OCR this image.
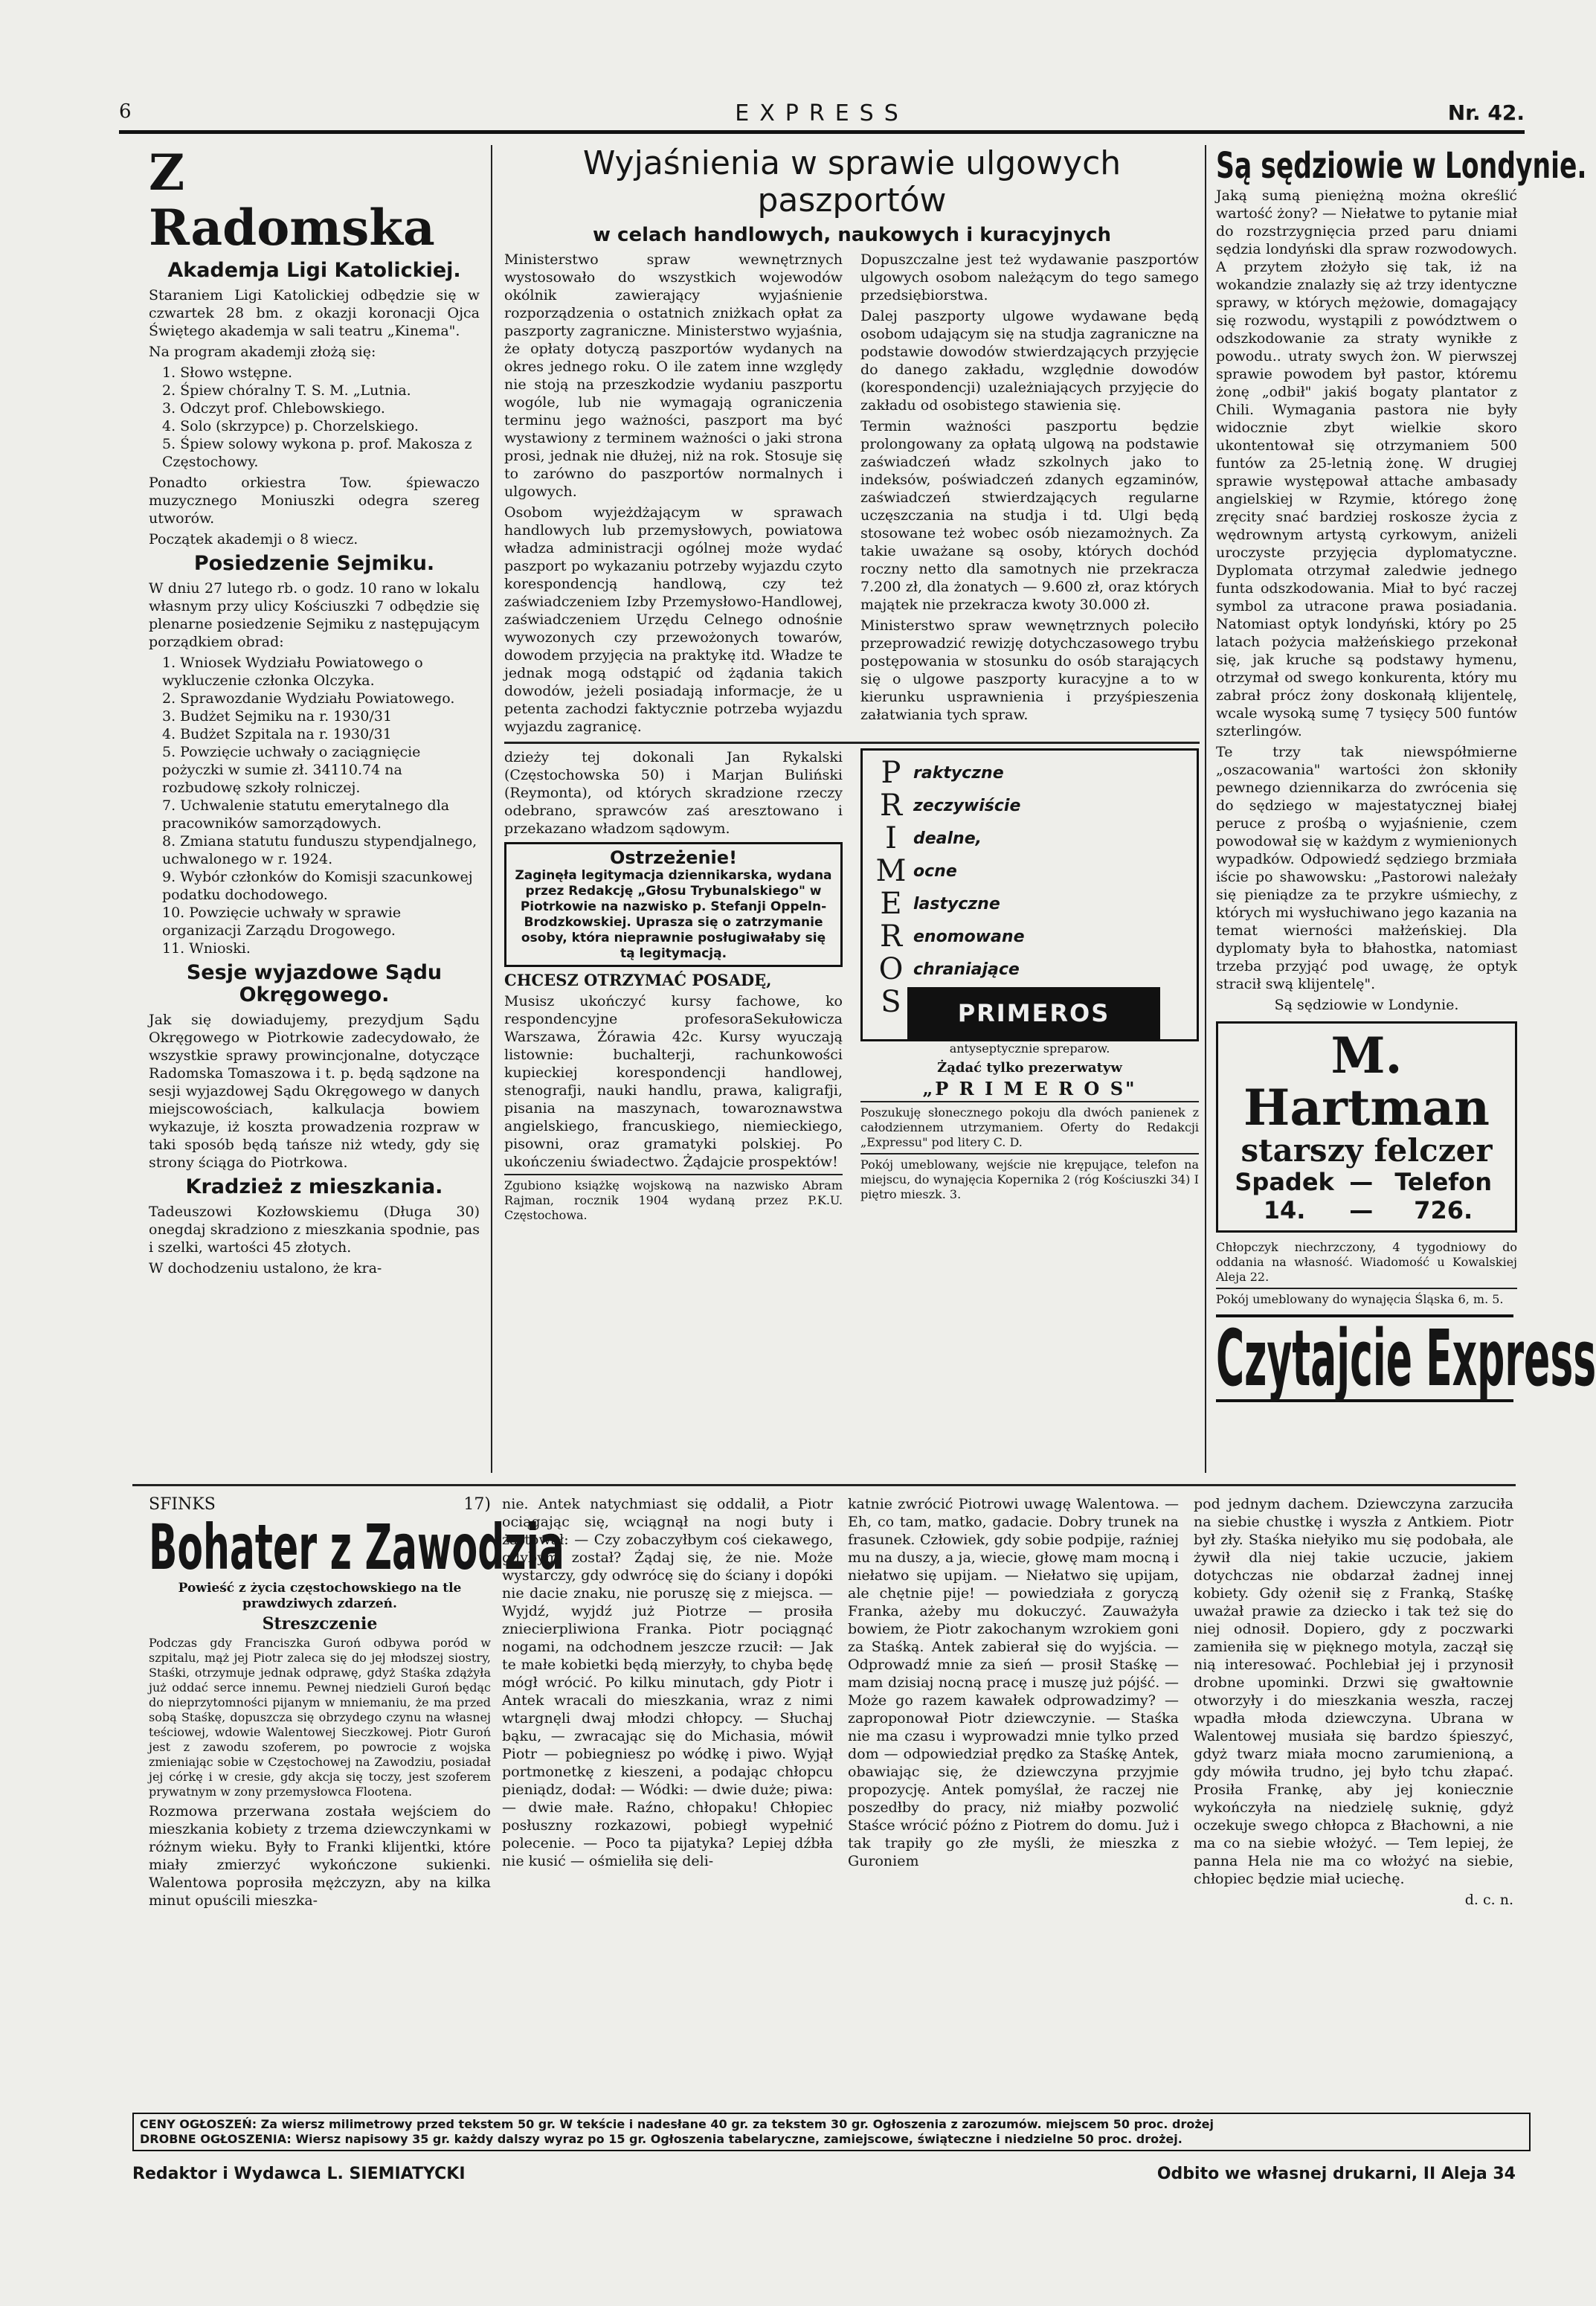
6	EXPRESS	Nr. 42.
Z Radomska
Akademja Ligi Katolickiej.

Staraniem Ligi Katolickiej odbędzie się w czwartek 28 bm. z okazji koronacji Ojca Świętego akademja w sali teatru „Kinema".

Na program akademji złożą się:

1. Słowo wstępne.
2. Śpiew chóralny T. S. M. „Lutnia.
3. Odczyt prof. Chlebowskiego.
4. Solo (skrzypce) p. Chorzelskiego.
5. Śpiew solowy wykona p. prof. Makosza z Częstochowy.

Ponadto orkiestra Tow. śpiewaczo muzycznego Moniuszki odegra szereg utworów.

Początek akademji o 8 wiecz.

Posiedzenie Sejmiku.

W dniu 27 lutego rb. o godz. 10 rano w lokalu własnym przy ulicy Kościuszki 7 odbędzie się plenarne posiedzenie Sejmiku z następującym porządkiem obrad:

1. Wniosek Wydziału Powiatowego o wykluczenie członka Olczyka.
2. Sprawozdanie Wydziału Powiatowego.
3. Budżet Sejmiku na r. 1930/31
4. Budżet Szpitala na r. 1930/31
5. Powzięcie uchwały o zaciągnięcie pożyczki w sumie zł. 34110.74 na rozbudowę szkoły rolniczej.
7. Uchwalenie statutu emerytalnego dla pracowników samorządowych.
8. Zmiana statutu funduszu stypendjalnego, uchwalonego w r. 1924.
9. Wybór członków do Komisji szacunkowej podatku dochodowego.
10. Powzięcie uchwały w sprawie organizacji Zarządu Drogowego.
11. Wnioski.
Sesje wyjazdowe Sądu Okręgowego.

Jak się dowiadujemy, prezydjum Sądu Okręgowego w Piotrkowie zadecydowało, że wszystkie sprawy prowincjonalne, dotyczące Radomska Tomaszowa i t. p. będą sądzone na sesji wyjazdowej Sądu Okręgowego w danych miejscowościach, kalkulacja bowiem wykazuje, iż koszta prowadzenia rozpraw w taki sposób będą tańsze niż wtedy, gdy się strony ściąga do Piotrkowa.

Kradzież z mieszkania.

Tadeuszowi Kozłowskiemu (Długa 30) onegdaj skradziono z mieszkania spodnie, pas i szelki, wartości 45 złotych.

W dochodzeniu ustalono, że kra-

Wyjaśnienia w sprawie ulgowych paszportów
w celach handlowych, naukowych i kuracyjnych

Ministerstwo spraw wewnętrznych wystosowało do wszystkich wojewodów okólnik zawierający wyjaśnienie rozporządzenia o ostatnich zniżkach opłat za paszporty zagraniczne. Ministerstwo wyjaśnia, że opłaty dotyczą paszportów wydanych na okres jednego roku. O ile zatem inne względy nie stoją na przeszkodzie wydaniu paszportu wogóle, lub nie wymagają ograniczenia terminu jego ważności, paszport ma być wystawiony z terminem ważności o jaki strona prosi, jednak nie dłużej, niż na rok. Stosuje się to zarówno do paszportów normalnych i ulgowych.

Osobom wyjeżdżającym w sprawach handlowych lub przemysłowych, powiatowa władza administracji ogólnej może wydać paszport po wykazaniu potrzeby wyjazdu czyto korespondencją handlową, czy też zaświadczeniem Izby Przemysłowo-Handlowej, zaświadczeniem Urzędu Celnego odnośnie wywozonych czy przewożonych towarów, dowodem przyjęcia na praktykę itd. Władze te jednak mogą odstąpić od żądania takich dowodów, jeżeli posiadają informacje, że u petenta zachodzi faktycznie potrzeba wyjazdu wyjazdu zagranicę.

Dopuszczalne jest też wydawanie paszportów ulgowych osobom należącym do tego samego przedsiębiorstwa.

Dalej paszporty ulgowe wydawane będą osobom udającym się na studja zagraniczne na podstawie dowodów stwierdzających przyjęcie do danego zakładu, względnie dowodów (korespondencji) uzależniających przyjęcie do zakładu od osobistego stawienia się.

Termin ważności paszportu będzie prolongowany za opłatą ulgową na podstawie zaświadczeń władz szkolnych jako to indeksów, poświadczeń zdanych egzaminów, zaświadczeń stwierdzających regularne uczęszczania na studja i td. Ulgi będą stosowane też wobec osób niezamożnych. Za takie uważane są osoby, których dochód roczny netto dla samotnych nie przekracza 7.200 zł, dla żonatych — 9.600 zł, oraz których majątek nie przekracza kwoty 30.000 zł.

Ministerstwo spraw wewnętrznych poleciło przeprowadzić rewizję dotychczasowego trybu postępowania w stosunku do osób starających się o ulgowe paszporty kuracyjne a to w kierunku usprawnienia i przyśpieszenia załatwiania tych spraw.

dzieży tej dokonali Jan Rykalski (Częstochowska 50) i Marjan Buliński (Reymonta), od których skradzione rzeczy odebrano, sprawców zaś aresztowano i przekazano władzom sądowym.

Ostrzeżenie!
Zaginęła legitymacja dziennikarska, wydana przez Redakcję „Głosu Trybunalskiego" w Piotrkowie na nazwisko p. Stefanji Oppeln-Brodzkowskiej. Uprasza się o zatrzymanie osoby, która nieprawnie posługiwałaby się tą legitymacją.

CHCESZ OTRZYMAĆ POSADĘ,

Musisz ukończyć kursy fachowe, ko respondencyjne profesoraSekułowicza Warszawa, Żórawia 42c. Kursy wyuczają listownie: buchalterji, rachunkowości kupieckiej korespondencji handlowej, stenografji, nauki handlu, prawa, kaligrafji, pisania na maszynach, towaroznawstwa angielskiego, francuskiego, niemieckiego, pisowni, oraz gramatyki polskiej. Po ukończeniu świadectwo. Żądajcie prospektów!

Zgubiono książkę wojskową na nazwisko Abram Rajman, rocznik 1904 wydaną przez P.K.U. Częstochowa.

P raktyczne
R zeczywiście
I	dealne,
M ocne
E lastyczne
R enomowane
O chraniające
S	PRIMEROS

antyseptycznie spreparow.

Żądać tylko prezerwatyw

„P R I M E R O S"

Poszukuję słonecznego pokoju dla dwóch panienek z całodziennem utrzymaniem. Oferty do Redakcji „Expressu" pod litery C. D.

Pokój umeblowany, wejście nie krępujące, telefon na miejscu, do wynajęcia Kopernika 2 (róg Kościuszki 34) I piętro mieszk. 3.

Są sędziowie w Londynie.

Jaką sumą pieniężną można określić wartość żony? — Niełatwe to pytanie miał do rozstrzygnięcia przed paru dniami sędzia londyński dla spraw rozwodowych. A przytem złożyło się tak, iż na wokandzie znalazły się aż trzy identyczne sprawy, w których mężowie, domagający się rozwodu, wystąpili z powództwem o odszkodowanie za straty wynikłe z powodu.. utraty swych żon. W pierwszej sprawie powodem był pastor, któremu żonę „odbił" jakiś bogaty plantator z Chili. Wymagania pastora nie były widocznie zbyt wielkie skoro ukontentował się otrzymaniem 500 funtów za 25-letnią żonę. W drugiej sprawie występował attache ambasady angielskiej w Rzymie, którego żonę zręcity snać bardziej roskosze życia z wędrownym artystą cyrkowym, aniżeli uroczyste przyjęcia dyplomatyczne. Dyplomata otrzymał zaledwie jednego funta odszkodowania. Miał to być raczej symbol za utracone prawa posiadania. Natomiast optyk londyński, który po 25 latach pożycia małżeńskiego przekonał się, jak kruche są podstawy hymenu, otrzymał od swego konkurenta, który mu zabrał prócz żony doskonałą klijentelę, wcale wysoką sumę 7 tysięcy 500 funtów szterlingów.

Te trzy tak niewspółmierne „oszacowania" wartości żon skłoniły pewnego dziennikarza do zwrócenia się do sędziego w majestatycznej białej peruce z prośbą o wyjaśnienie, czem powodował się w każdym z wymienionych wypadków. Odpowiedź sędziego brzmiała iście po shawowsku: „Pastorowi należały się pieniądze za te przykre uśmiechy, z których mi wysłuchiwano jego kazania na temat wierności małżeńskiej. Dla dyplomaty była to błahostka, natomiast trzeba przyjąć pod uwagę, że optyk stracił swą klijentelę".

Są sędziowie w Londynie.

M. Hartman
starszy felczer
Spadek 14.
— —
Telefon 726.

Chłopczyk niechrzczony, 4 tygodniowy do oddania na własność. Wiadomość u Kowalskiej Aleja 22.

Pokój umeblowany do wynajęcia Śląska 6, m. 5.

Czytajcie Express
SFINKS	17)
Bohater z Zawodzia

Powieść z życia częstochowskiego na tle prawdziwych zdarzeń.

Streszczenie

Podczas gdy Franciszka Guroń odbywa poród w szpitalu, mąż jej Piotr zaleca się do jej młodszej siostry, Staśki, otrzymuje jednak odprawę, gdyż Staśka zdążyła już oddać serce innemu. Pewnej niedzieli Guroń będąc do nieprzytomności pijanym w mniemaniu, że ma przed sobą Staśkę, dopuszcza się obrzydego czynu na własnej teściowej, wdowie Walentowej Sieczkowej. Piotr Guroń jest z zawodu szoferem, po powrocie z wojska zmieniając sobie w Częstochowej na Zawodziu, posiadał jej córkę i w cresie, gdy akcja się toczy, jest szoferem prywatnym w zony przemysłowca Flootena.

Rozmowa przerwana została wejściem do mieszkania kobiety z trzema dziewczynkami w różnym wieku. Były to Franki klijentki, które miały zmierzyć wykończone sukienki. Walentowa poprosiła mężczyzn, aby na kilka minut opuścili mieszka-

nie. Antek natychmiast się oddalił, a Piotr ociągając się, wciągnął na nogi buty i żartował: — Czy zobaczyłbym coś ciekawego, gdybym został? Żądaj się, że nie. Może wystarczy, gdy odwrócę się do ściany i dopóki nie dacie znaku, nie poruszę się z miejsca. — Wyjdź, wyjdź już Piotrze — prosiła zniecierpliwiona Franka. Piotr pociągnąć nogami, na odchodnem jeszcze rzucił: — Jak te małe kobietki będą mierzyły, to chyba będę mógł wrócić. Po kilku minutach, gdy Piotr i Antek wracali do mieszkania, wraz z nimi wtargnęli dwaj młodzi chłopcy. — Słuchaj bąku, — zwracając się do Michasia, mówił Piotr — pobiegniesz po wódkę i piwo. Wyjął portmonetkę z kieszeni, a podając chłopcu pieniądz, dodał: — Wódki: — dwie duże; piwa: — dwie małe. Raźno, chłopaku! Chłopiec posłuszny rozkazowi, pobiegł wypełnić polecenie. — Poco ta pijatyka? Lepiej dźbła nie kusić — ośmieliła się deli-

katnie zwrócić Piotrowi uwagę Walentowa. — Eh, co tam, matko, gadacie. Dobry trunek na frasunek. Człowiek, gdy sobie podpije, raźniej mu na duszy, a ja, wiecie, głowę mam mocną i niełatwo się upijam. — Niełatwo się upijam, ale chętnie pije! — powiedziała z goryczą Franka, ażeby mu dokuczyć. Zauważyła bowiem, że Piotr zakochanym wzrokiem goni za Staśką. Antek zabierał się do wyjścia. — Odprowadź mnie za sień — prosił Staśkę — mam dzisiaj nocną pracę i muszę już pójść. — Może go razem kawałek odprowadzimy? — zaproponował Piotr dziewczynie. — Staśka nie ma czasu i wyprowadzi mnie tylko przed dom — odpowiedział prędko za Staśkę Antek, obawiając się, że dziewczyna przyjmie propozycję. Antek pomyślał, że raczej nie poszedłby do pracy, niż miałby pozwolić Staśce wrócić późno z Piotrem do domu. Już i tak trapiły go złe myśli, że mieszka z Guroniem

pod jednym dachem. Dziewczyna zarzuciła na siebie chustkę i wyszła z Antkiem. Piotr był zły. Staśka niełyiko mu się podobała, ale żywił dla niej takie uczucie, jakiem dotychczas nie obdarzał żadnej innej kobiety. Gdy ożenił się z Franką, Staśkę uważał prawie za dziecko i tak też się do niej odnosił. Dopiero, gdy z poczwarki zamieniła się w pięknego motyla, zaczął się nią interesować. Pochlebiał jej i przynosił drobne upominki. Drzwi się gwałtownie otworzyły i do mieszkania weszła, raczej wpadła młoda dziewczyna. Ubrana w Walentowej musiała się bardzo śpieszyć, gdyż twarz miała mocno zarumienioną, a gdy mówiła trudno, jej było tchu złapać. Prosiła Frankę, aby jej koniecznie wykończyła na niedzielę suknię, gdyż oczekuje swego chłopca z Błachowni, a nie ma co na siebie włożyć. — Tem lepiej, że panna Hela nie ma co włożyć na siebie, chłopiec będzie miał uciechę.

d. c. n.

CENY OGŁOSZEŃ: Za wiersz milimetrowy przed tekstem 50 gr. W tekście i nadesłane 40 gr. za tekstem 30 gr. Ogłoszenia z zarozumów. miejscem 50 proc. drożej
DROBNE OGŁOSZENIA: Wiersz napisowy 35 gr. każdy dalszy wyraz po 15 gr. Ogłoszenia tabelaryczne, zamiejscowe, świąteczne i niedzielne 50 proc. drożej.
Redaktor i Wydawca L. SIEMIATYCKI	Odbito we własnej drukarni, II Aleja 34
